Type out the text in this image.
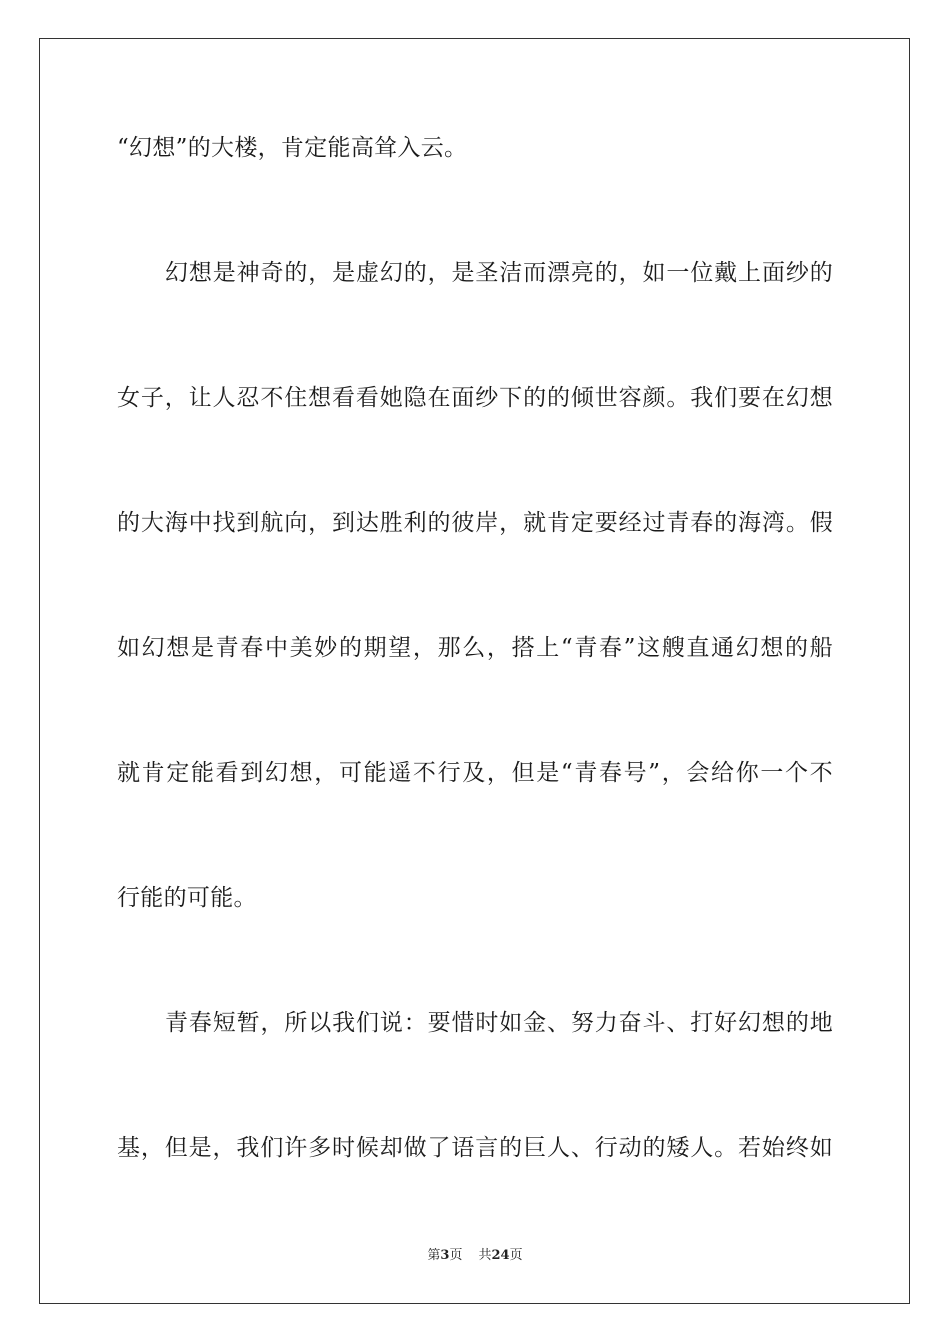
“幻想”的大楼，肯定能高耸入云。
幻想是神奇的，是虚幻的，是圣洁而漂亮的，如一位戴上面纱的
女子，让人忍不住想看看她隐在面纱下的的倾世容颜。我们要在幻想
的大海中找到航向，到达胜利的彼岸，就肯定要经过青春的海湾。假
如幻想是青春中美妙的期望，那么，搭上“青春”这艘直通幻想的船
就肯定能看到幻想，可能遥不行及，但是“青春号”，会给你一个不
行能的可能。
青春短暂，所以我们说：要惜时如金、努力奋斗、打好幻想的地
基，但是，我们许多时候却做了语言的巨人、行动的矮人。若始终如
第3页 共24页
